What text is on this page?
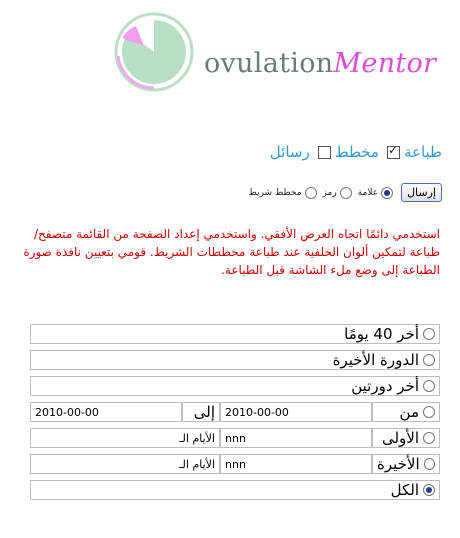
ovulationMentor
طباعة
✓
مخطط
رسائل
إرسال
علامة
رمز
مخطط شريط
استخدمي دائمًا اتجاه العرض الأفقي. واستخدمي إعداد الصفحة من القائمة متصفح/طباعة لتمكين ألوان الخلفية عند طباعة مخططات الشريط. قومي بتعيين نافذة صورة الطباعة إلى وضع ملء الشاشة قبل الطباعة.
أخر 40 يومًا
الدورة الأخيرة
أخر دورتين
من
2010-00-00
إلى
2010-00-00
الأولى
nnn
الأيام الـ
الأخيرة
nnn
الأيام الـ
الكل
